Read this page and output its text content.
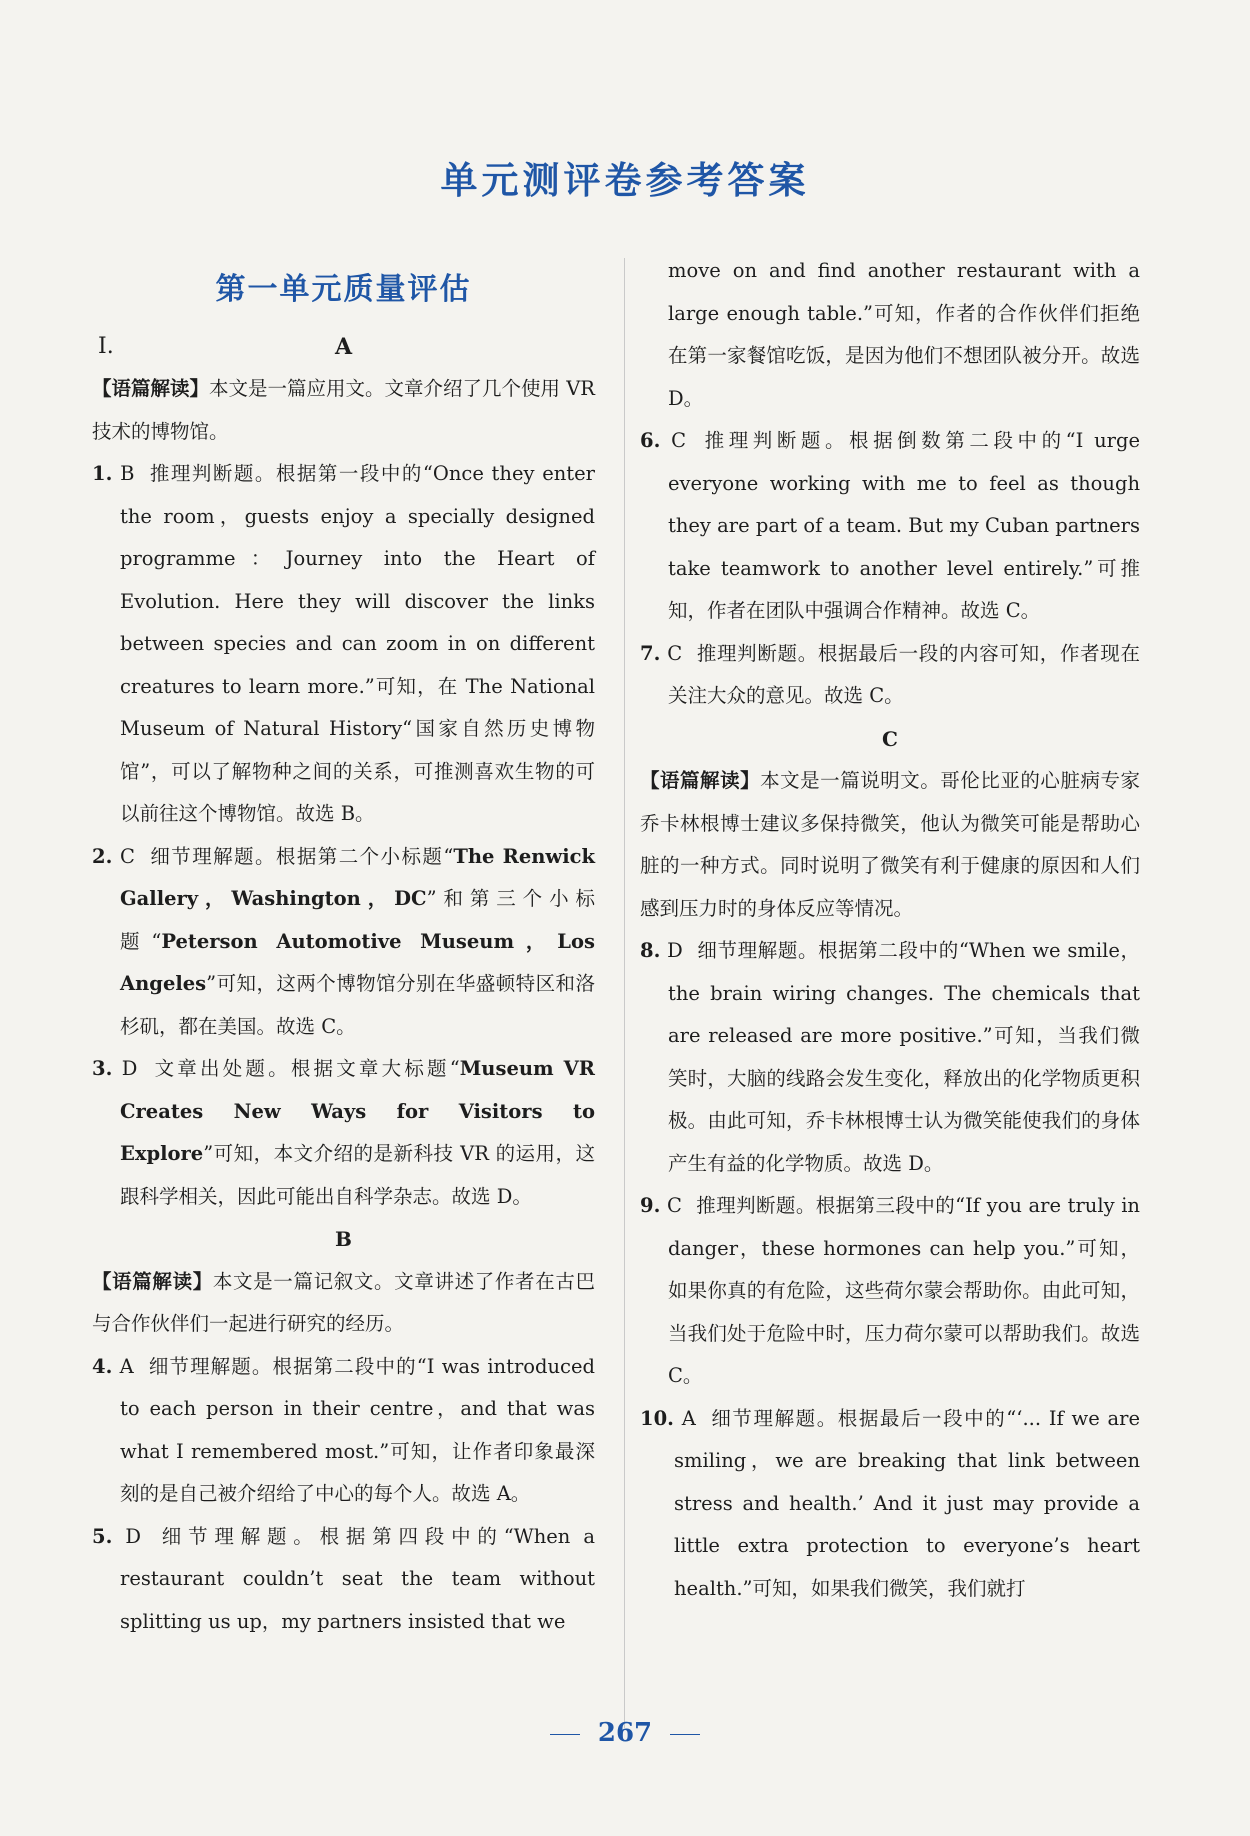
单元测评卷参考答案
第一单元质量评估
Ⅰ.	A

【语篇解读】本文是一篇应用文。文章介绍了几个使用 VR 技术的博物馆。

1. B 推理判断题。根据第一段中的“Once they enter the room，guests enjoy a specially designed programme：Journey into the Heart of Evolution. Here they will discover the links between species and can zoom in on different creatures to learn more.”可知，在 The National Museum of Natural History“国家自然历史博物馆”，可以了解物种之间的关系，可推测喜欢生物的可以前往这个博物馆。故选 B。

2. C 细节理解题。根据第二个小标题“The Renwick Gallery，Washington，DC”和第三个小标题“Peterson Automotive Museum，Los Angeles”可知，这两个博物馆分别在华盛顿特区和洛杉矶，都在美国。故选 C。

3. D 文章出处题。根据文章大标题“Museum VR Creates New Ways for Visitors to Explore”可知，本文介绍的是新科技 VR 的运用，这跟科学相关，因此可能出自科学杂志。故选 D。

B

【语篇解读】本文是一篇记叙文。文章讲述了作者在古巴与合作伙伴们一起进行研究的经历。

4. A 细节理解题。根据第二段中的“I was introduced to each person in their centre，and that was what I remembered most.”可知，让作者印象最深刻的是自己被介绍给了中心的每个人。故选 A。

5. D 细节理解题。根据第四段中的“When a restaurant couldn’t seat the team without splitting us up，my partners insisted that we

move on and find another restaurant with a large enough table.”可知，作者的合作伙伴们拒绝在第一家餐馆吃饭，是因为他们不想团队被分开。故选 D。

6. C 推理判断题。根据倒数第二段中的“I urge everyone working with me to feel as though they are part of a team. But my Cuban partners take teamwork to another level entirely.”可推知，作者在团队中强调合作精神。故选 C。

7. C 推理判断题。根据最后一段的内容可知，作者现在关注大众的意见。故选 C。

C

【语篇解读】本文是一篇说明文。哥伦比亚的心脏病专家乔卡林根博士建议多保持微笑，他认为微笑可能是帮助心脏的一种方式。同时说明了微笑有利于健康的原因和人们感到压力时的身体反应等情况。

8. D 细节理解题。根据第二段中的“When we smile，the brain wiring changes. The chemicals that are released are more positive.”可知，当我们微笑时，大脑的线路会发生变化，释放出的化学物质更积极。由此可知，乔卡林根博士认为微笑能使我们的身体产生有益的化学物质。故选 D。

9. C 推理判断题。根据第三段中的“If you are truly in danger，these hormones can help you.”可知，如果你真的有危险，这些荷尔蒙会帮助你。由此可知，当我们处于危险中时，压力荷尔蒙可以帮助我们。故选 C。

10. A 细节理解题。根据最后一段中的“‘... If we are smiling，we are breaking that link between stress and health.’ And it just may provide a little extra protection to everyone’s heart health.”可知，如果我们微笑，我们就打

267
